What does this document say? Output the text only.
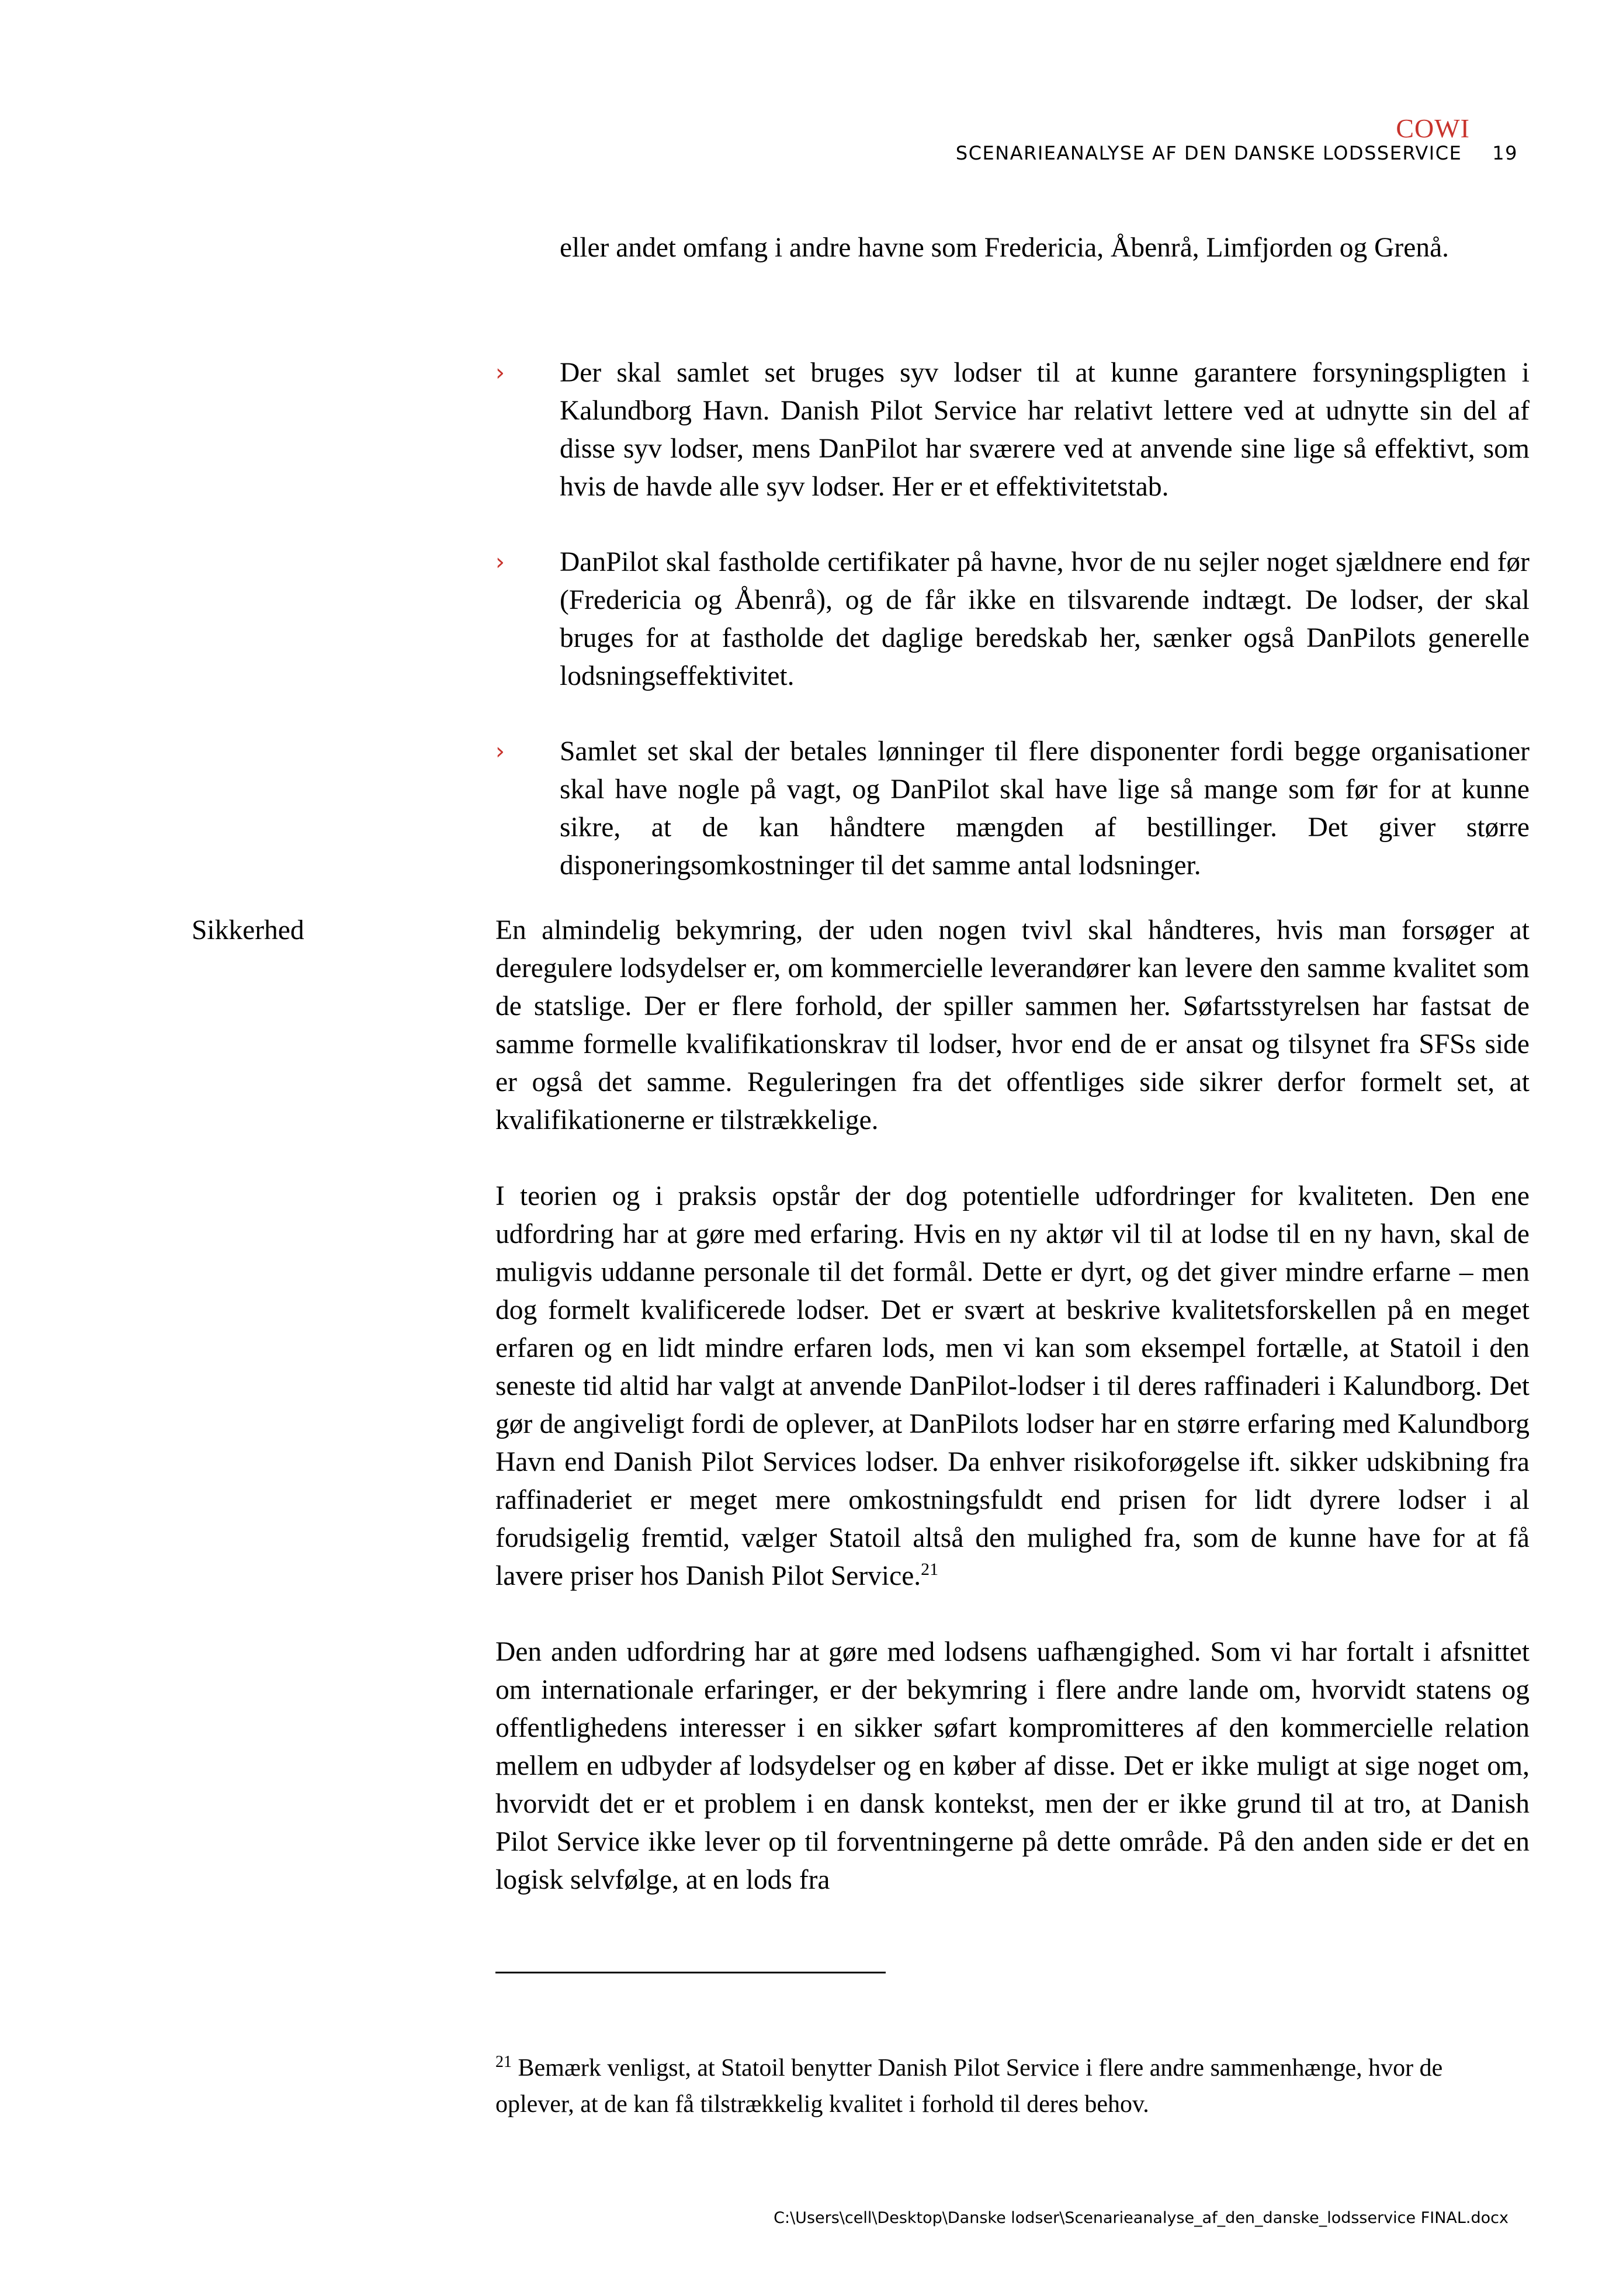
COWI
SCENARIEANALYSE AF DEN DANSKE LODSSERVICE 19

eller andet omfang i andre havne som Fredericia, Åbenrå, Limfjorden og Grenå.

› Der skal samlet set bruges syv lodser til at kunne garantere forsyningspligten i Kalundborg Havn. Danish Pilot Service har relativt lettere ved at udnytte sin del af disse syv lodser, mens DanPilot har sværere ved at anvende sine lige så effektivt, som hvis de havde alle syv lodser. Her er et effektivitetstab.

› DanPilot skal fastholde certifikater på havne, hvor de nu sejler noget sjældnere end før (Fredericia og Åbenrå), og de får ikke en tilsvarende indtægt. De lodser, der skal bruges for at fastholde det daglige beredskab her, sænker også DanPilots generelle lodsningseffektivitet.

› Samlet set skal der betales lønninger til flere disponenter fordi begge organisationer skal have nogle på vagt, og DanPilot skal have lige så mange som før for at kunne sikre, at de kan håndtere mængden af bestillinger. Det giver større disponeringsomkostninger til det samme antal lodsninger.

Sikkerhed	En almindelig bekymring, der uden nogen tvivl skal håndteres, hvis man forsøger at deregulere lodsydelser er, om kommercielle leverandører kan levere den samme kvalitet som de statslige. Der er flere forhold, der spiller sammen her. Søfartsstyrelsen har fastsat de samme formelle kvalifikationskrav til lodser, hvor end de er ansat og tilsynet fra SFSs side er også det samme. Reguleringen fra det offentliges side sikrer derfor formelt set, at kvalifikationerne er tilstrækkelige.

I teorien og i praksis opstår der dog potentielle udfordringer for kvaliteten. Den ene udfordring har at gøre med erfaring. Hvis en ny aktør vil til at lodse til en ny havn, skal de muligvis uddanne personale til det formål. Dette er dyrt, og det giver mindre erfarne – men dog formelt kvalificerede lodser. Det er svært at beskrive kvalitetsforskellen på en meget erfaren og en lidt mindre erfaren lods, men vi kan som eksempel fortælle, at Statoil i den seneste tid altid har valgt at anvende DanPilot-lodser i til deres raffinaderi i Kalundborg. Det gør de angiveligt fordi de oplever, at DanPilots lodser har en større erfaring med Kalundborg Havn end Danish Pilot Services lodser. Da enhver risikoforøgelse ift. sikker udskibning fra raffinaderiet er meget mere omkostningsfuldt end prisen for lidt dyrere lodser i al forudsigelig fremtid, vælger Statoil altså den mulighed fra, som de kunne have for at få lavere priser hos Danish Pilot Service.$^{21}$

Den anden udfordring har at gøre med lodsens uafhængighed. Som vi har fortalt i afsnittet om internationale erfaringer, er der bekymring i flere andre lande om, hvorvidt statens og offentlighedens interesser i en sikker søfart kompromitteres af den kommercielle relation mellem en udbyder af lodsydelser og en køber af disse. Det er ikke muligt at sige noget om, hvorvidt det er et problem i en dansk kontekst, men der er ikke grund til at tro, at Danish Pilot Service ikke lever op til forventningerne på dette område. På den anden side er det en logisk selvfølge, at en lods fra

$^{21}$ Bemærk venligst, at Statoil benytter Danish Pilot Service i flere andre sammenhænge, hvor de oplever, at de kan få tilstrækkelig kvalitet i forhold til deres behov.
C:\Users\cell\Desktop\Danske lodser\Scenarieanalyse_af_den_danske_lodsservice FINAL.docx
